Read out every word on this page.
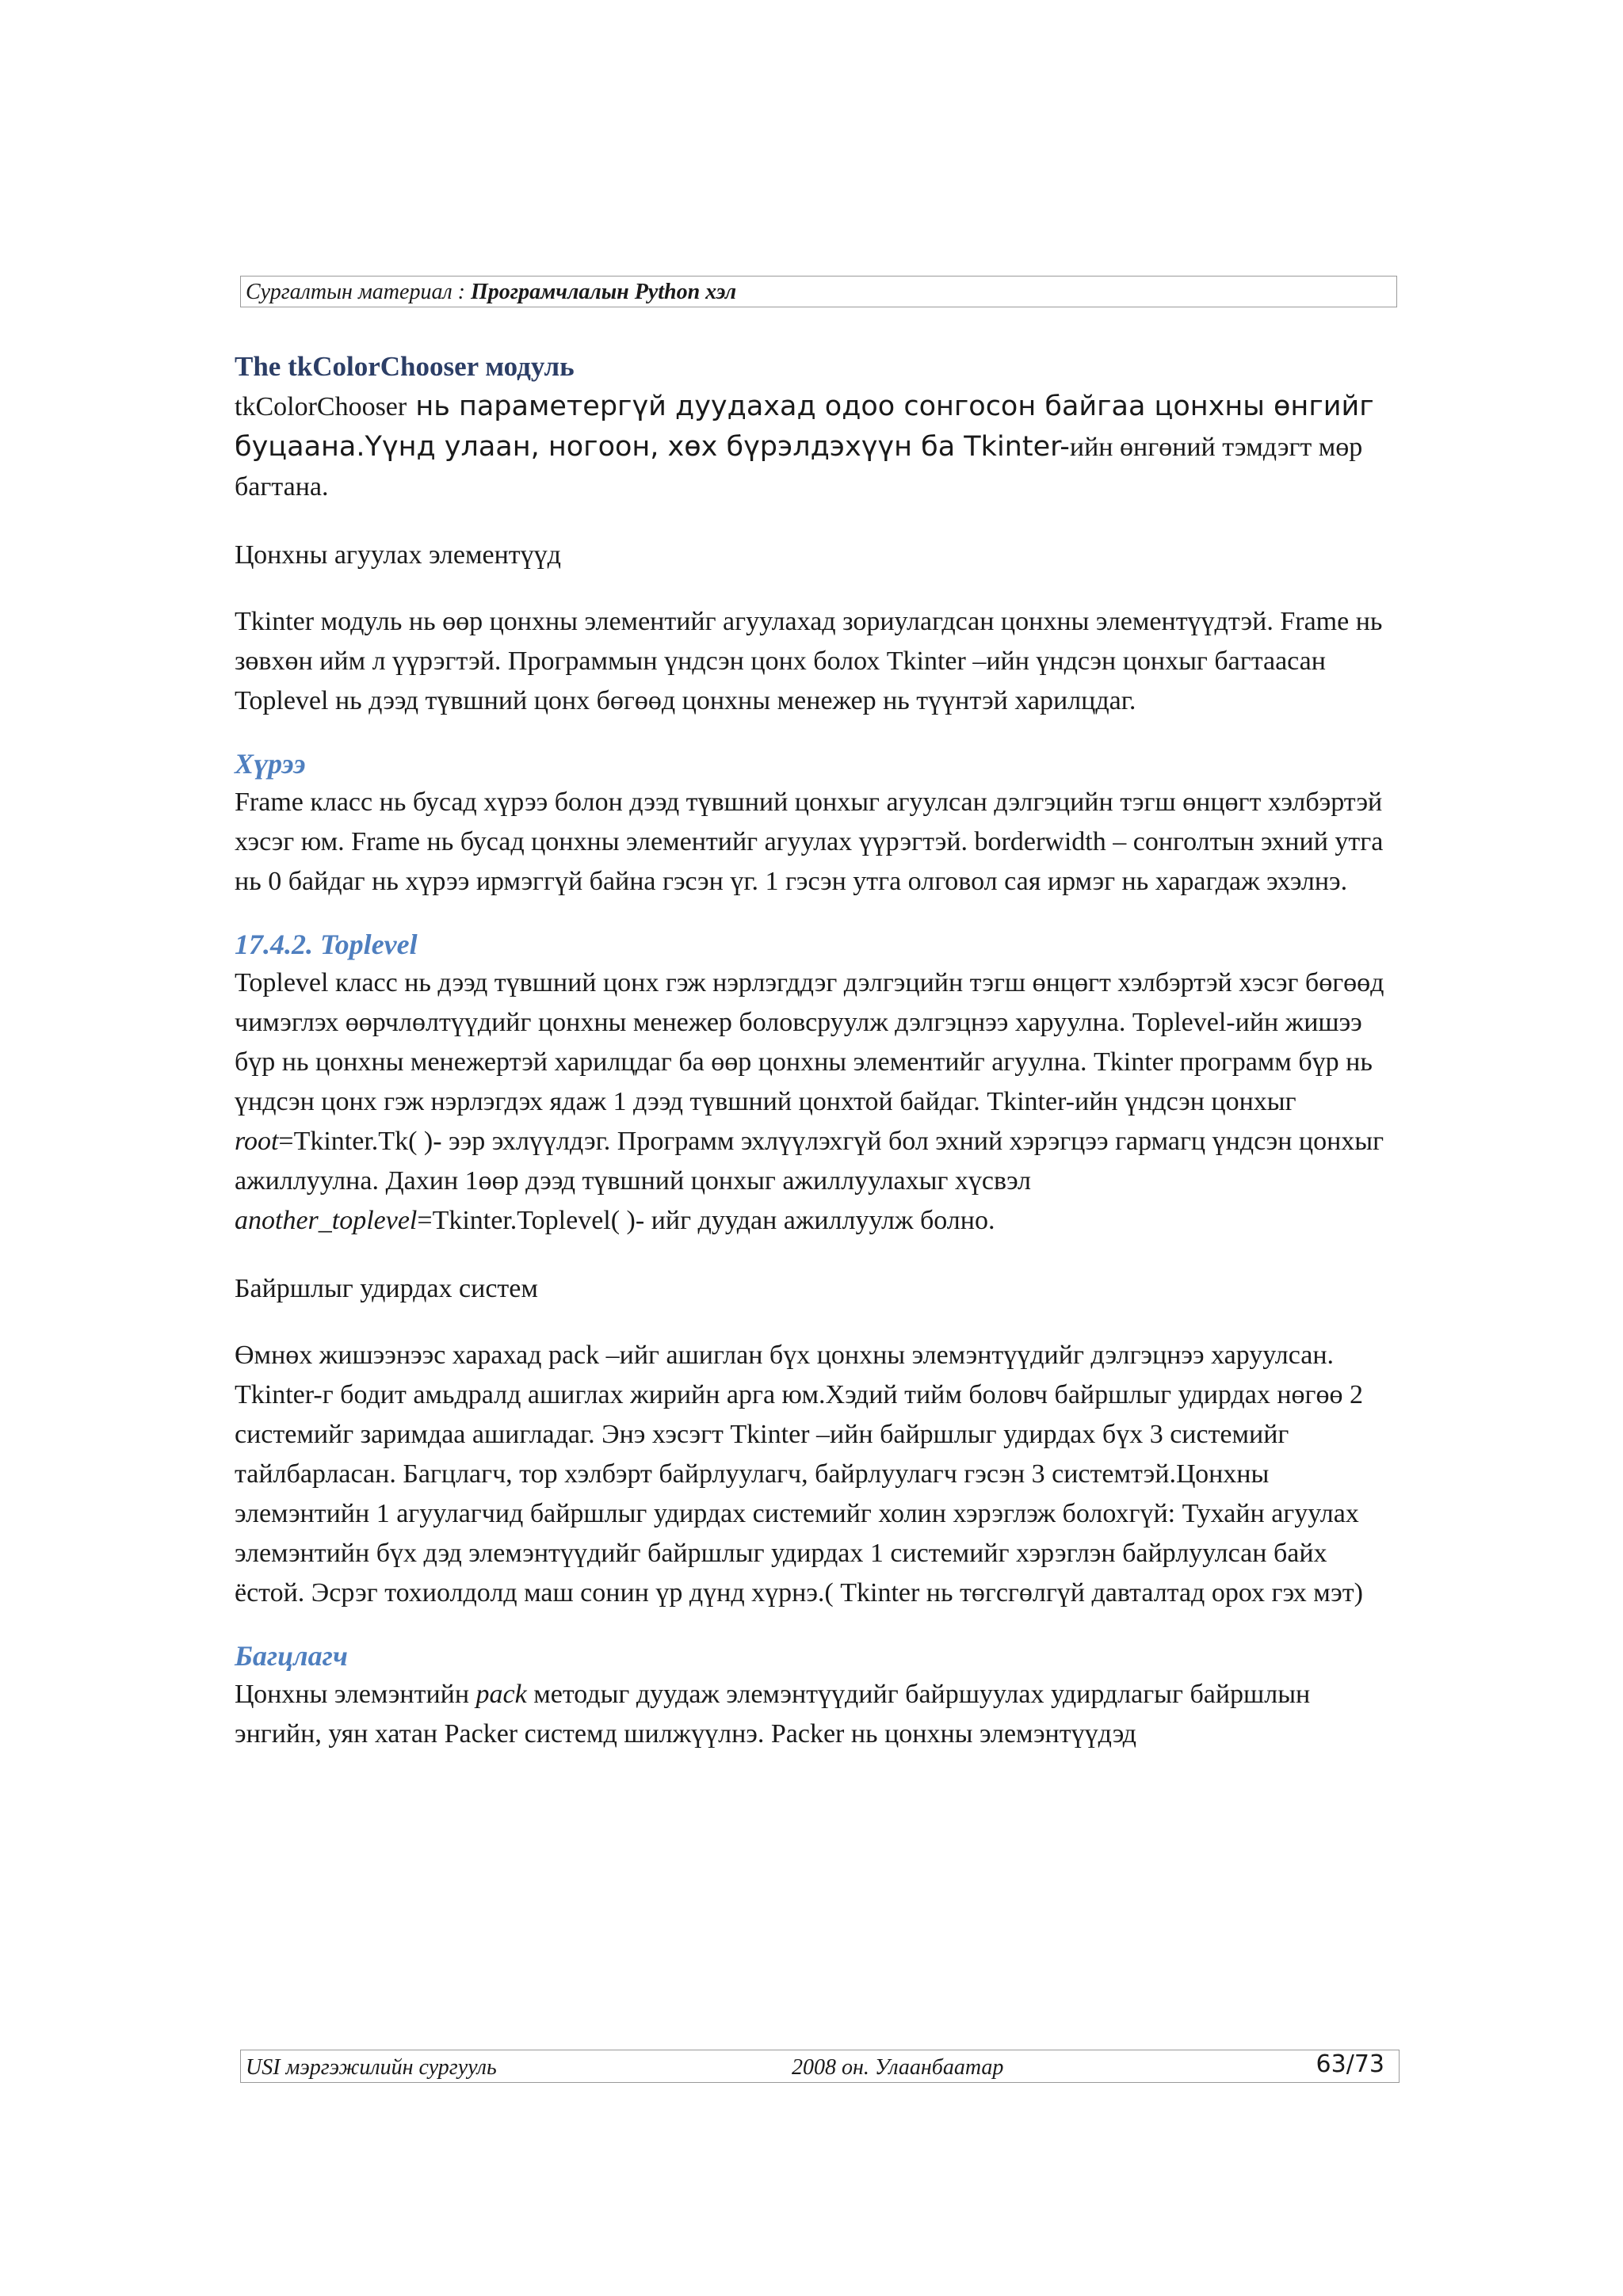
Сургалтын материал : Програмчлалын Python хэл
The tkColorChooser модуль

tkColorChooser нь параметергүй дуудахад одоо сонгосон байгаа цонхны өнгийг буцаана.Үүнд улаан, ногоон, хөх бүрэлдэхүүн ба Tkinter-ийн өнгөний тэмдэгт мөр багтана.

Цонхны агуулах элементүүд

Tkinter модуль нь өөр цонхны элементийг агуулахад зориулагдсан цонхны элементүүдтэй. Frame нь зөвхөн ийм л үүрэгтэй. Программын үндсэн цонх болох Tkinter –ийн үндсэн цонхыг багтаасан Toplevel нь дээд түвшний цонх бөгөөд цонхны менежер нь түүнтэй харилцдаг.

Хүрээ

Frame класс нь бусад хүрээ болон дээд түвшний цонхыг агуулсан дэлгэцийн тэгш өнцөгт хэлбэртэй хэсэг юм. Frame нь бусад цонхны элементийг агуулах үүрэгтэй. borderwidth – сонголтын эхний утга нь 0 байдаг нь хүрээ ирмэггүй байна гэсэн үг. 1 гэсэн утга олговол сая ирмэг нь харагдаж эхэлнэ.

17.4.2. Toplevel

Toplevel класс нь дээд түвшний цонх гэж нэрлэгддэг дэлгэцийн тэгш өнцөгт хэлбэртэй хэсэг бөгөөд чимэглэх өөрчлөлтүүдийг цонхны менежер боловсруулж дэлгэцнээ харуулна. Toplevel-ийн жишээ бүр нь цонхны менежертэй харилцдаг ба өөр цонхны элементийг агуулна. Tkinter программ бүр нь үндсэн цонх гэж нэрлэгдэх ядаж 1 дээд түвшний цонхтой байдаг. Tkinter-ийн үндсэн цонхыг root=Tkinter.Tk( )- ээр эхлүүлдэг. Программ эхлүүлэхгүй бол эхний хэрэгцээ гармагц үндсэн цонхыг ажиллуулна. Дахин 1өөр дээд түвшний цонхыг ажиллуулахыг хүсвэл another_toplevel=Tkinter.Toplevel( )- ийг дуудан ажиллуулж болно.

Байршлыг удирдах систем

Өмнөх жишээнээс харахад pack –ийг ашиглан бүх цонхны элемэнтүүдийг дэлгэцнээ харуулсан. Tkinter-г бодит амьдралд ашиглах жирийн арга юм.Хэдий тийм боловч байршлыг удирдах нөгөө 2 системийг заримдаа ашигладаг. Энэ хэсэгт Tkinter –ийн байршлыг удирдах бүх 3 системийг тайлбарласан. Багцлагч, тор хэлбэрт байрлуулагч, байрлуулагч гэсэн 3 системтэй.Цонхны элемэнтийн 1 агуулагчид байршлыг удирдах системийг холин хэрэглэж болохгүй: Тухайн агуулах элемэнтийн бүх дэд элемэнтүүдийг байршлыг удирдах 1 системийг хэрэглэн байрлуулсан байх ёстой. Эсрэг тохиолдолд маш сонин үр дүнд хүрнэ.( Tkinter нь төгсгөлгүй давталтад орох гэх мэт)

Багцлагч

Цонхны элемэнтийн pack методыг дуудаж элемэнтүүдийг байршуулах удирдлагыг байршлын энгийн, уян хатан Packer системд шилжүүлнэ. Packer нь цонхны элемэнтүүдэд

USI мэргэжилийн сургууль	2008 он. Улаанбаатар	63/73
